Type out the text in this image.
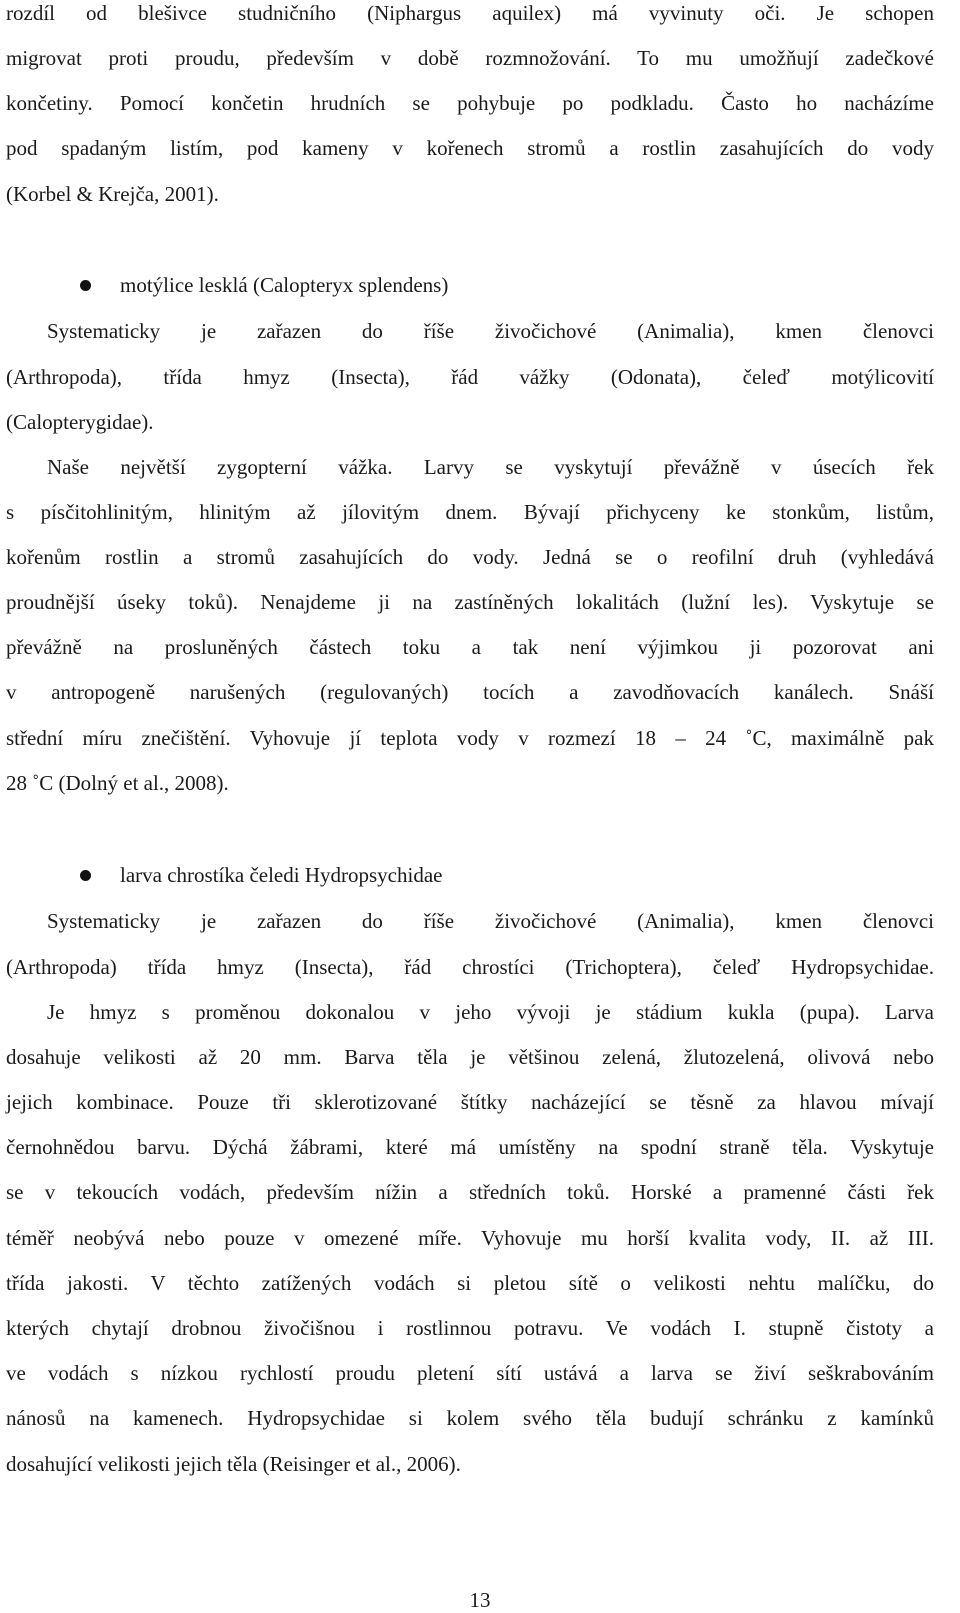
rozdíl od blešivce studničního (Niphargus aquilex) má vyvinuty oči. Je schopen
migrovat proti proudu, především v době rozmnožování. To mu umožňují zadečkové
končetiny. Pomocí končetin hrudních se pohybuje po podkladu. Často ho nacházíme
pod spadaným listím, pod kameny v kořenech stromů a rostlin zasahujících do vody
(Korbel & Krejča, 2001).
motýlice lesklá (Calopteryx splendens)
Systematicky je zařazen do říše živočichové (Animalia), kmen členovci
(Arthropoda), třída hmyz (Insecta), řád vážky (Odonata), čeleď motýlicovití
(Calopterygidae).
Naše největší zygopterní vážka. Larvy se vyskytují převážně v úsecích řek
s písčitohlinitým, hlinitým až jílovitým dnem. Bývají přichyceny ke stonkům, listům,
kořenům rostlin a stromů zasahujících do vody. Jedná se o reofilní druh (vyhledává
proudnější úseky toků). Nenajdeme ji na zastíněných lokalitách (lužní les). Vyskytuje se
převážně na prosluněných částech toku a tak není výjimkou ji pozorovat ani
v antropogeně narušených (regulovaných) tocích a zavodňovacích kanálech. Snáší
střední míru znečištění. Vyhovuje jí teplota vody v rozmezí 18 – 24 ˚C, maximálně pak
28 ˚C (Dolný et al., 2008).
larva chrostíka čeledi Hydropsychidae
Systematicky je zařazen do říše živočichové (Animalia), kmen členovci
(Arthropoda) třída hmyz (Insecta), řád chrostíci (Trichoptera), čeleď Hydropsychidae.
Je hmyz s proměnou dokonalou v jeho vývoji je stádium kukla (pupa). Larva
dosahuje velikosti až 20 mm. Barva těla je většinou zelená, žlutozelená, olivová nebo
jejich kombinace. Pouze tři sklerotizované štítky nacházející se těsně za hlavou mívají
černohnědou barvu. Dýchá žábrami, které má umístěny na spodní straně těla. Vyskytuje
se v tekoucích vodách, především nížin a středních toků. Horské a pramenné části řek
téměř neobývá nebo pouze v omezené míře. Vyhovuje mu horší kvalita vody, II. až III.
třída jakosti. V těchto zatížených vodách si pletou sítě o velikosti nehtu malíčku, do
kterých chytají drobnou živočišnou i rostlinnou potravu. Ve vodách I. stupně čistoty a
ve vodách s nízkou rychlostí proudu pletení sítí ustává a larva se živí seškrabováním
nánosů na kamenech. Hydropsychidae si kolem svého těla budují schránku z kamínků
dosahující velikosti jejich těla (Reisinger et al., 2006).
13
